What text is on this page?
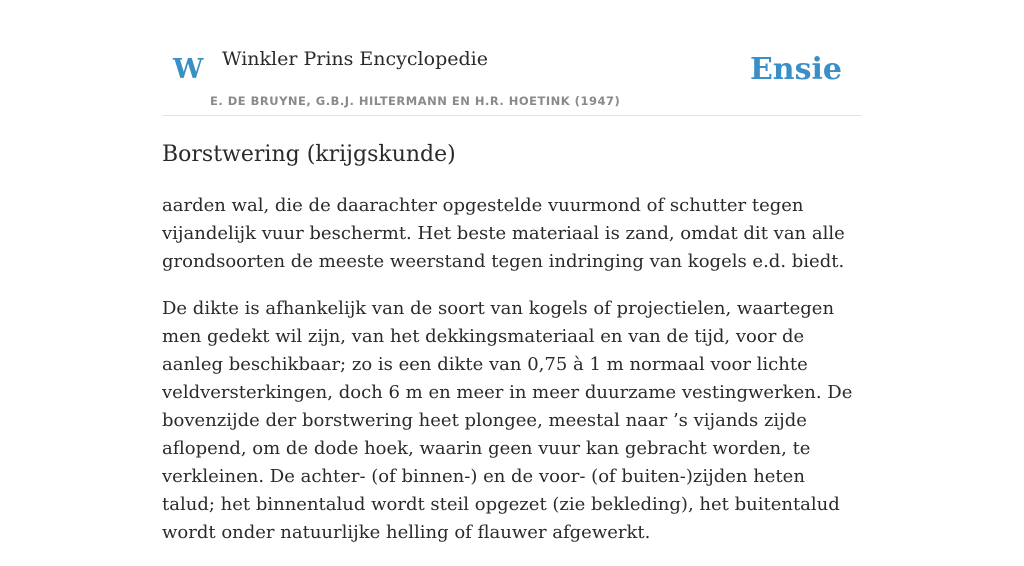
W Winkler Prins Encyclopedie
E. DE BRUYNE, G.B.J. HILTERMANN EN H.R. HOETINK (1947)
Ensie
Borstwering (krijgskunde)

aarden wal, die de daarachter opgestelde vuurmond of schutter tegen vijandelijk vuur beschermt. Het beste materiaal is zand, omdat dit van alle grondsoorten de meeste weerstand tegen indringing van kogels e.d. biedt.

De dikte is afhankelijk van de soort van kogels of projectielen, waartegen men gedekt wil zijn, van het dekkingsmateriaal en van de tijd, voor de aanleg beschikbaar; zo is een dikte van 0,75 à 1 m normaal voor lichte veldversterkingen, doch 6 m en meer in meer duurzame vestingwerken. De bovenzijde der borstwering heet plongee, meestal naar ’s vijands zijde aflopend, om de dode hoek, waarin geen vuur kan gebracht worden, te verkleinen. De achter- (of binnen-) en de voor- (of buiten-)zijden heten talud; het binnentalud wordt steil opgezet (zie bekleding), het buitentalud wordt onder natuurlijke helling of flauwer afgewerkt.
